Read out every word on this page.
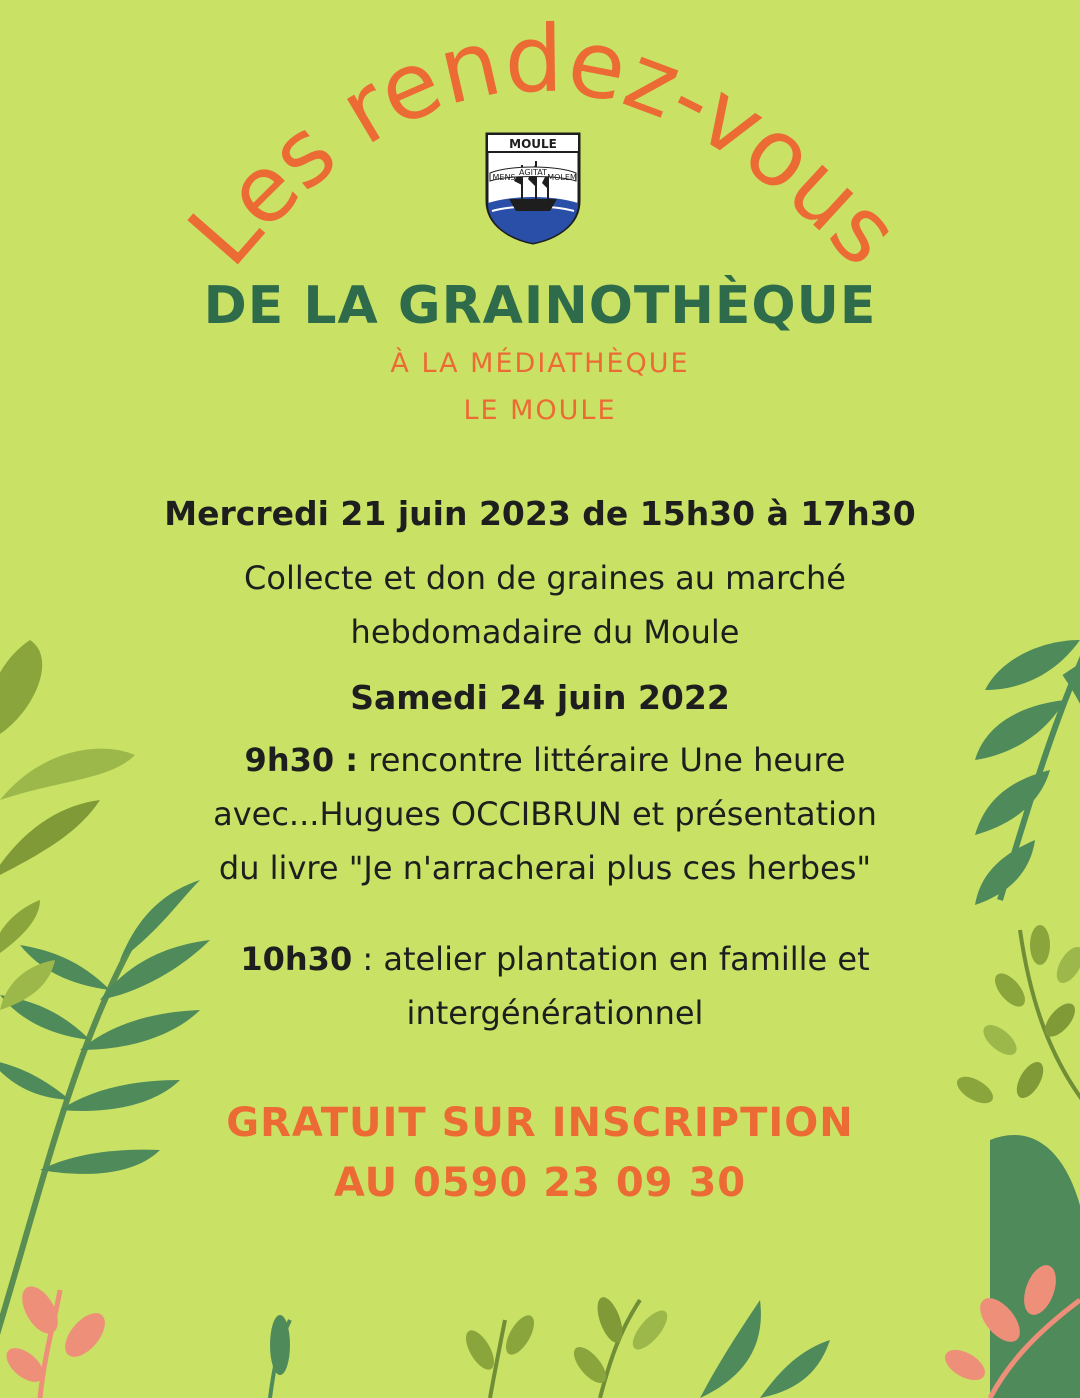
Les rendez-vous
MOULE
MENS
AGITAT
MOLEM
DE LA GRAINOTHÈQUE
À LA MÉDIATHÈQUE
LE MOULE
Mercredi 21 juin 2023 de 15h30 à 17h30
Collecte et don de graines au marché
hebdomadaire du Moule
Samedi 24 juin 2022
9h30 : rencontre littéraire Une heure
avec...Hugues OCCIBRUN et présentation
du livre "Je n'arracherai plus ces herbes"
10h30 : atelier plantation en famille et
intergénérationnel
GRATUIT SUR INSCRIPTION
AU 0590 23 09 30
